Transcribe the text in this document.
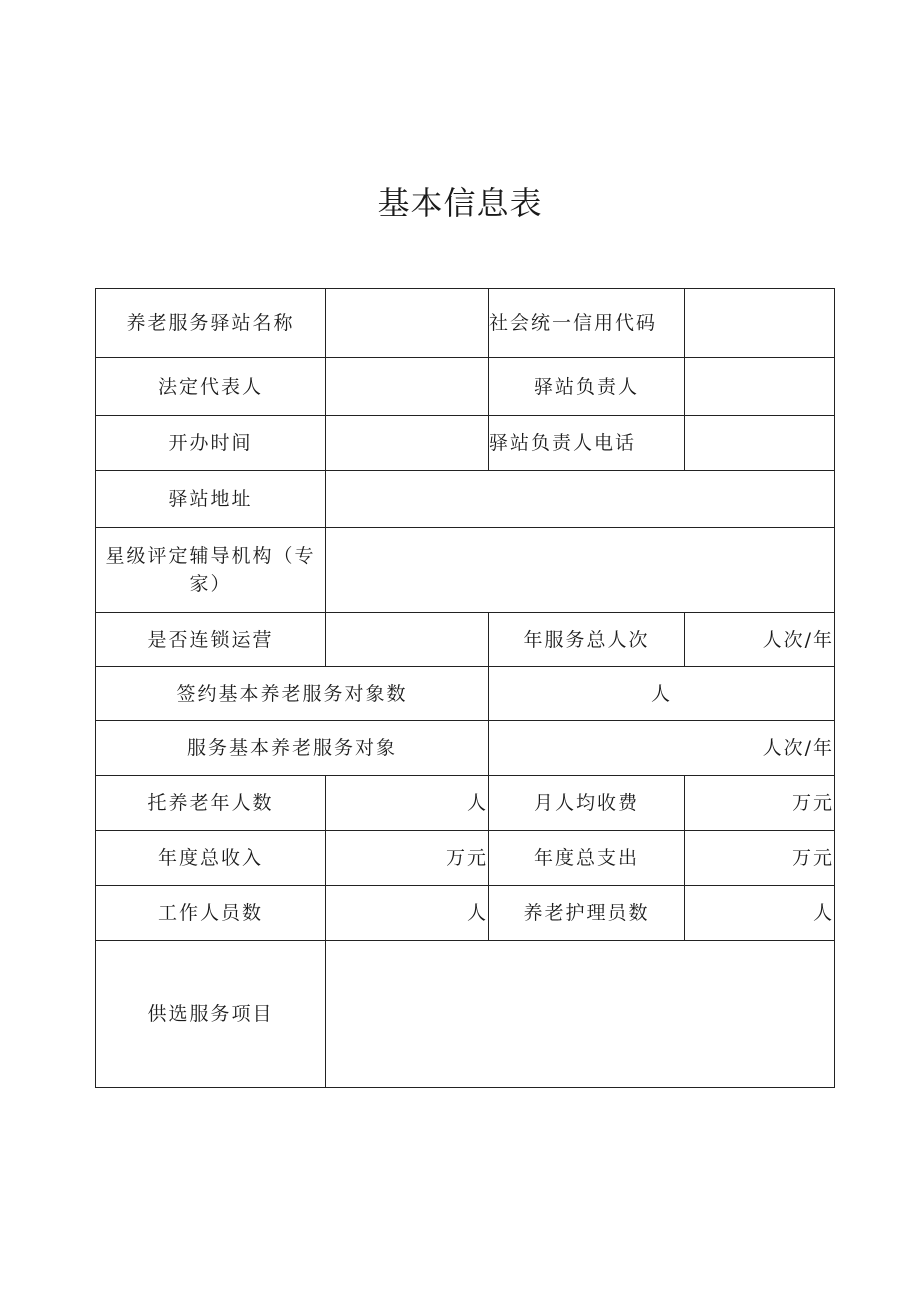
基本信息表
养老服务驿站名称		社会统一信用代码	
法定代表人		驿站负责人	
开办时间		驿站负责人电话	
驿站地址			
星级评定辅导机构（专家）			
是否连锁运营		年服务总人次	人次/年
签约基本养老服务对象数		人	
服务基本养老服务对象		人次/年	
托养老年人数	人	月人均收费	万元
年度总收入	万元	年度总支出	万元
工作人员数	人	养老护理员数	人
供选服务项目			
